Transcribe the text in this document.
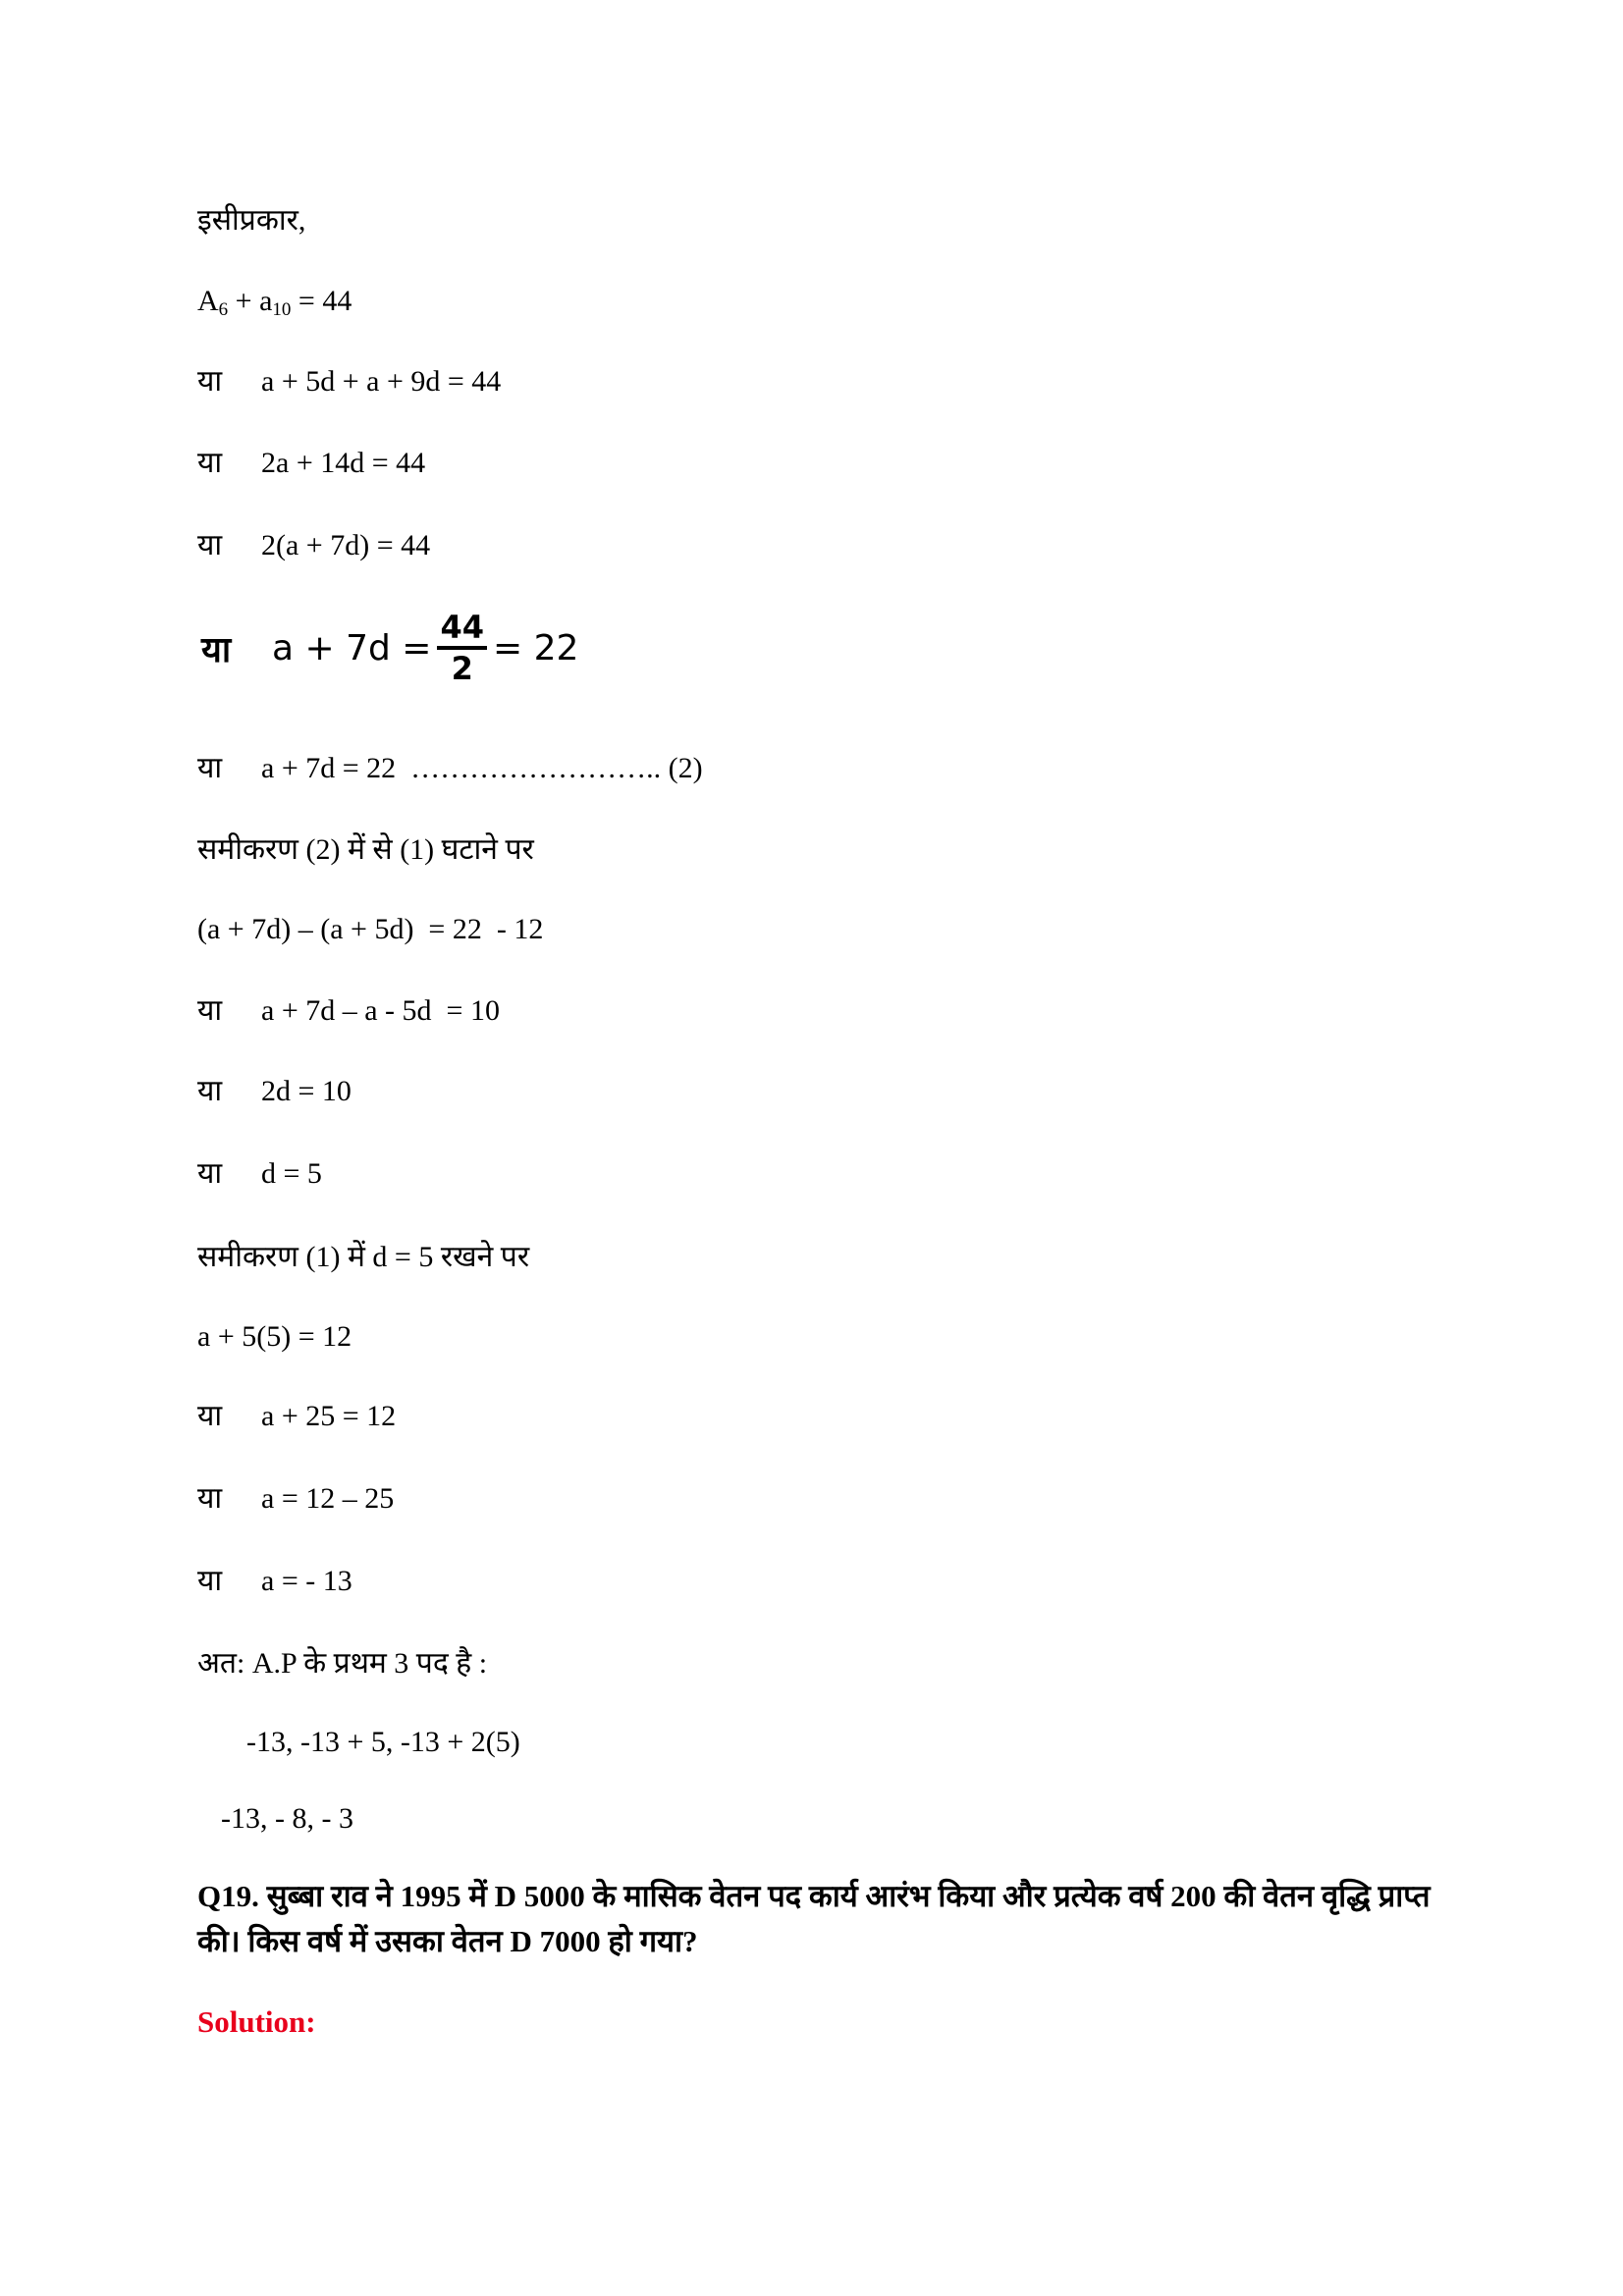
इसीप्रकार,
$A_6 + a_{10} = 44$
या a + 5d + a + 9d = 44
या 2a + 14d = 44
या 2(a + 7d) = 44
या	$a + 7d = \frac{44}{2} = 22$
या a + 7d = 22  …………………….. (2)
समीकरण (2) में से (1) घटाने पर
(a + 7d) – (a + 5d)  = 22  - 12
या a + 7d – a - 5d  = 10
या 2d = 10
या d = 5
समीकरण (1) में d = 5 रखने पर
a + 5(5) = 12
या a + 25 = 12
या a = 12 – 25
या a = - 13
अत: A.P के प्रथम 3 पद है :
-13, -13 + 5, -13 + 2(5)
-13, - 8, - 3
Q19. सुब्बा राव ने 1995 में D 5000 के मासिक वेतन पद कार्य आरंभ किया और प्रत्येक वर्ष 200 की वेतन वृद्धि प्राप्त की। किस वर्ष में उसका वेतन D 7000 हो गया?
Solution:
